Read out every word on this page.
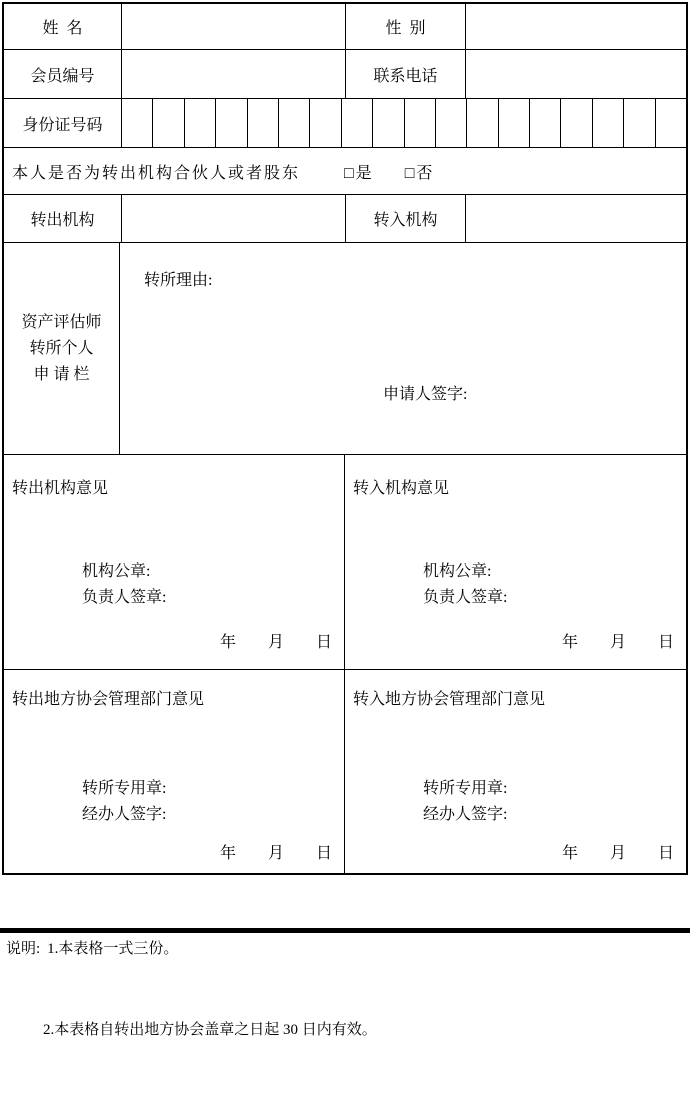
姓  名	性  别
会员编号	联系电话
身份证号码
本人是否为转出机构合伙人或者股东	□是 □否
转出机构	转入机构
资产评估师
转所个人
申 请 栏
转所理由:
申请人签字:
转出机构意见
机构公章:
负责人签章:
年        月        日
转入机构意见
机构公章:
负责人签章:
年        月        日
转出地方协会管理部门意见
转所专用章:
经办人签字:
年        月        日
转入地方协会管理部门意见
转所专用章:
经办人签字:
年        月        日

说明: 1.本表格一式三份。

2.本表格自转出地方协会盖章之日起 30 日内有效。
